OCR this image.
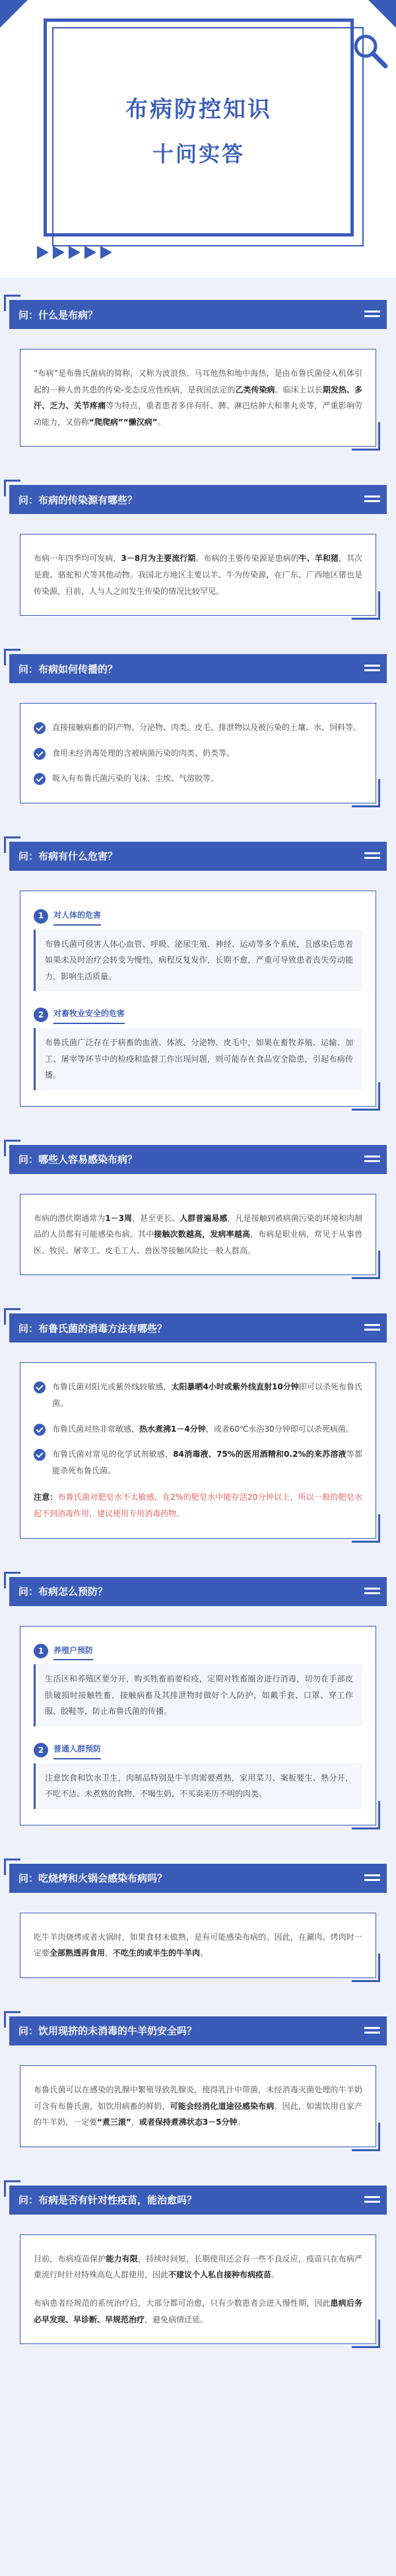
布病防控知识
十问实答
问：什么是布病？

“布病”是布鲁氏菌病的简称，又称为波浪热、马耳他热和地中海热，是由布鲁氏菌侵入机体引起的一种人兽共患的传染-变态反应性疾病，是我国法定的乙类传染病。临床上以长期发热、多汗、乏力、关节疼痛等为特点，重者患者多伴有肝、脾、淋巴结肿大和睾丸炎等，严重影响劳动能力，又俗称“爬爬病”“懒汉病”。

问：布病的传染源有哪些？

布病一年四季均可发病，3－8月为主要流行期。布病的主要传染源是患病的牛、羊和猪，其次是鹿、骆驼和犬等其他动物。我国北方地区主要以羊、牛为传染源，在广东、广西地区猪也是传染源，目前，人与人之间发生传染的情况比较罕见。

问：布病如何传播的？
直接接触病畜的阴产物、分泌物、肉类、皮毛、排泄物以及被污染的土壤、水、饲料等。
食用未经消毒处理的含被病菌污染的肉类、奶类等。
吸入有布鲁氏菌污染的飞沫、尘埃、气溶胶等。
问：布病有什么危害？
1	对人体的危害
布鲁氏菌可侵害人体心血管、呼吸、泌尿生殖、神经、运动等多个系统，且感染后患者如果未及时治疗会转变为慢性，病程反复发作，长期不愈，严重可导致患者丧失劳动能力，影响生活质量。
2	对畜牧业安全的危害
布鲁氏菌广泛存在于病畜的血液、体液、分泌物、皮毛中，如果在畜牧养殖、运输、加工、屠宰等环节中的检疫和监督工作出现问题，则可能存在食品安全隐患，引起布病传播。
问：哪些人容易感染布病？

布病的潜伏期通常为1－3周，甚至更长。人群普遍易感，凡是接触到被病菌污染的环境和肉制品的人员都有可能感染布病。其中接触次数越高，发病率越高，布病是职业病，常见于从事兽医、牧民、屠宰工、皮毛工人、兽医等接触风险比一般人群高。

问：布鲁氏菌的消毒方法有哪些？
布鲁氏菌对阳光或紫外线较敏感，太阳暴晒4小时或紫外线直射10分钟即可以杀死布鲁氏菌。
布鲁氏菌对热非常敏感，热水煮沸1－4分钟，或者60℃水浴30分钟即可以杀死病菌。
布鲁氏菌对常见的化学试剂敏感，84消毒液、75%的医用酒精和0.2%的来苏溶液等都能杀死布鲁氏菌。

注意：布鲁氏菌对肥皂水不太敏感，在2%的肥皂水中能存活20分钟以上，所以一般的肥皂水起不到消毒作用，建议使用专用消毒药物。

问：布病怎么预防？
1	养殖户预防
生活区和养殖区要分开，购买牲畜前要检疫，定期对牲畜圈舍进行消毒，切勿在手部皮肤破损时接触牲畜，接触病畜及其排泄物时做好个人防护，如戴手套、口罩、穿工作服、胶鞋等，防止布鲁氏菌的传播。
2	普通人群预防
注意饮食和饮水卫生，肉制品特别是牛羊肉需要煮熟，家用菜刀、案板要生、熟分开，不吃不洁、未煮熟的食物，不喝生奶，不买卖来历不明的肉类。
问：吃烧烤和火锅会感染布病吗？

吃牛羊肉烧烤或者火锅时，如果食材未做熟，是有可能感染布病的。因此，在涮肉、烤肉时一定要全部熟透再食用，不吃生的或半生的牛羊肉。

问：饮用现挤的未消毒的牛羊奶安全吗？

布鲁氏菌可以在感染的乳腺中繁殖导致乳腺炎，使得乳汁中带菌，未经消毒灭菌处理的牛羊奶可含有布鲁氏菌，如饮用病畜的鲜奶，可能会经消化道途径感染布病。因此，如需饮用自家产的牛羊奶，一定要“煮三滚”，或者保持煮沸状态3－5分钟。

问：布病是否有针对性疫苗，能治愈吗？

目前，布病疫苗保护能力有限，持续时间短，长期使用还会有一些不良反应，疫苗只在布病严重流行时针对特殊高危人群使用，因此不建议个人私自接种布病疫苗。

布病患者经规范的系统治疗后，大部分都可治愈，只有少数患者会进入慢性期，因此患病后务必早发现、早诊断、早规范治疗，避免病情迁延。
